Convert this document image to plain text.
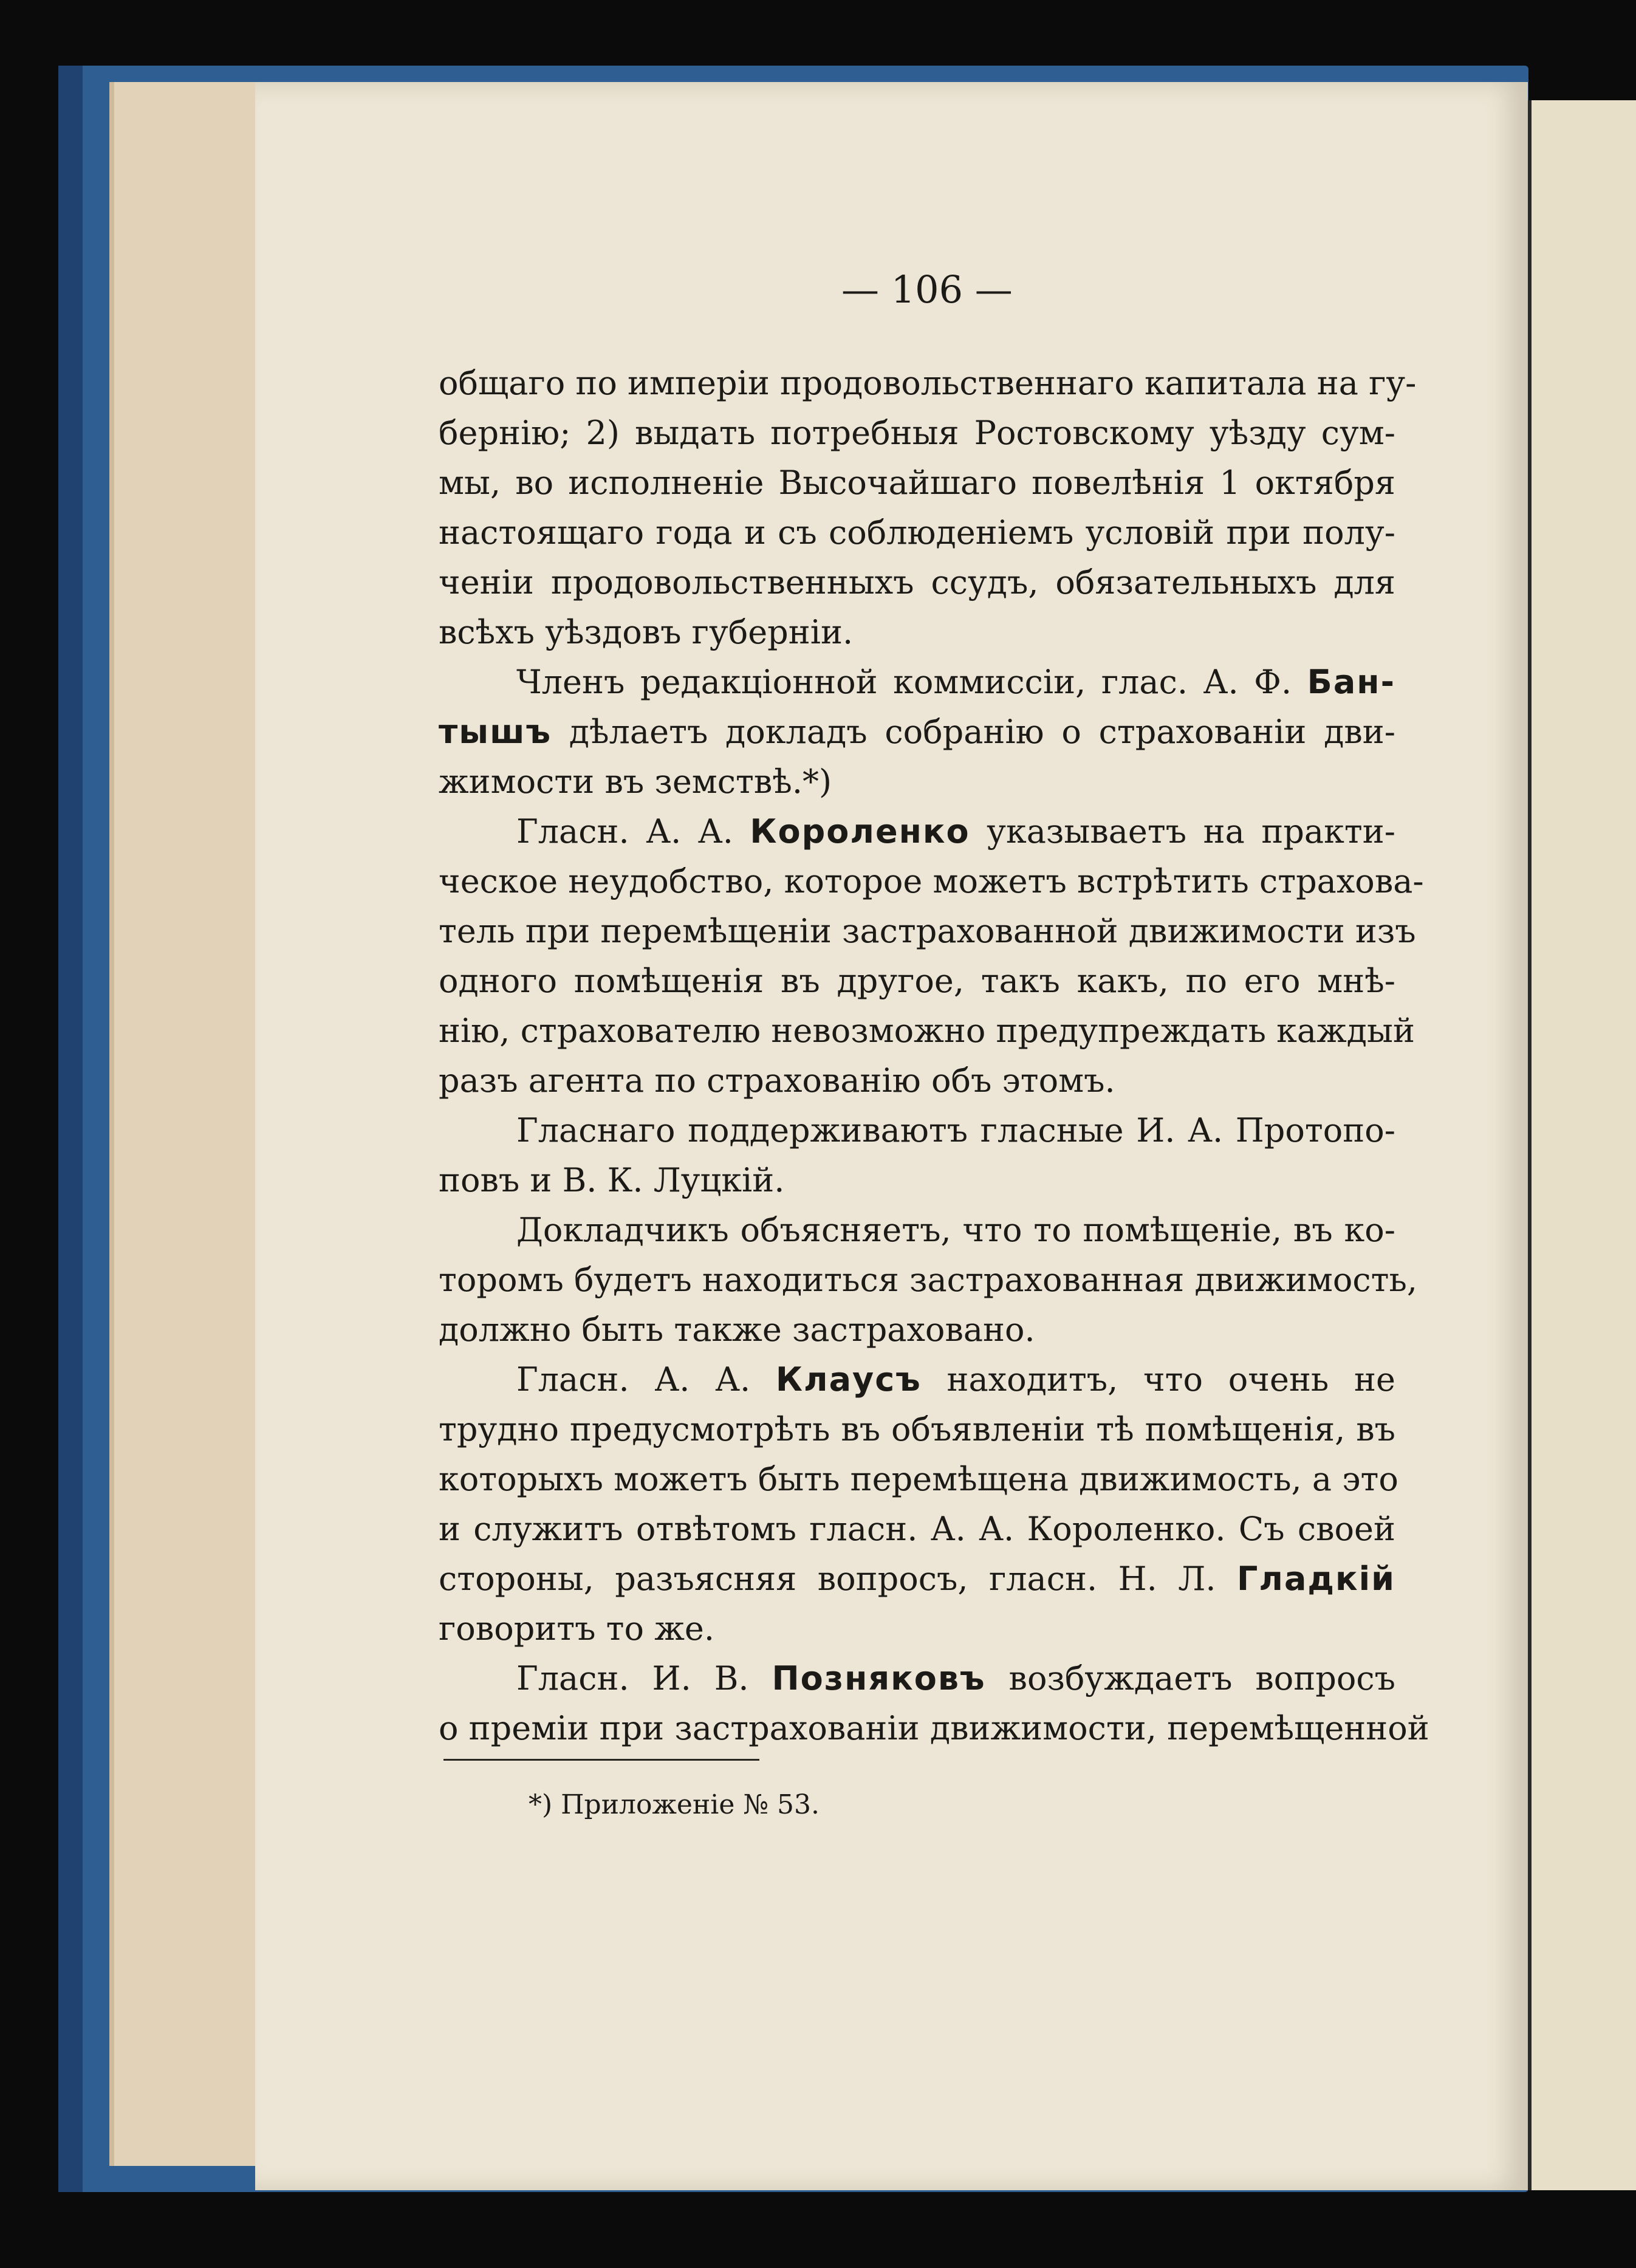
— 106 —
общаго по имперіи продовольственнаго капитала на гу-
бернію; 2) выдать потребныя Ростовскому уѣзду сум-
мы, во исполненіе Высочайшаго повелѣнія 1 октября
настоящаго года и съ соблюденіемъ условій при полу-
ченіи продовольственныхъ ссудъ, обязательныхъ для
всѣхъ уѣздовъ губерніи.
Членъ редакціонной коммиссіи, глас. А. Ф. Бан-
тышъ дѣлаетъ докладъ собранію о страхованіи дви-
жимости въ земствѣ.*)
Гласн. А. А. Короленко указываетъ на практи-
ческое неудобство, которое можетъ встрѣтить страхова-
тель при перемѣщеніи застрахованной движимости изъ
одного помѣщенія въ другое, такъ какъ, по его мнѣ-
нію, страхователю невозможно предупреждать каждый
разъ агента по страхованію объ этомъ.
Гласнаго поддерживаютъ гласные И. А. Протопо-
повъ и В. К. Луцкій.
Докладчикъ объясняетъ, что то помѣщеніе, въ ко-
торомъ будетъ находиться застрахованная движимость,
должно быть также застраховано.
Гласн. А. А. Клаусъ находитъ, что очень не
трудно предусмотрѣть въ объявленіи тѣ помѣщенія, въ
которыхъ можетъ быть перемѣщена движимость, а это
и служитъ отвѣтомъ гласн. А. А. Короленко. Съ своей
стороны, разъясняя вопросъ, гласн. Н. Л. Гладкій
говоритъ то же.
Гласн. И. В. Позняковъ возбуждаетъ вопросъ
о преміи при застрахованіи движимости, перемѣщенной
*) Приложеніе № 53.
